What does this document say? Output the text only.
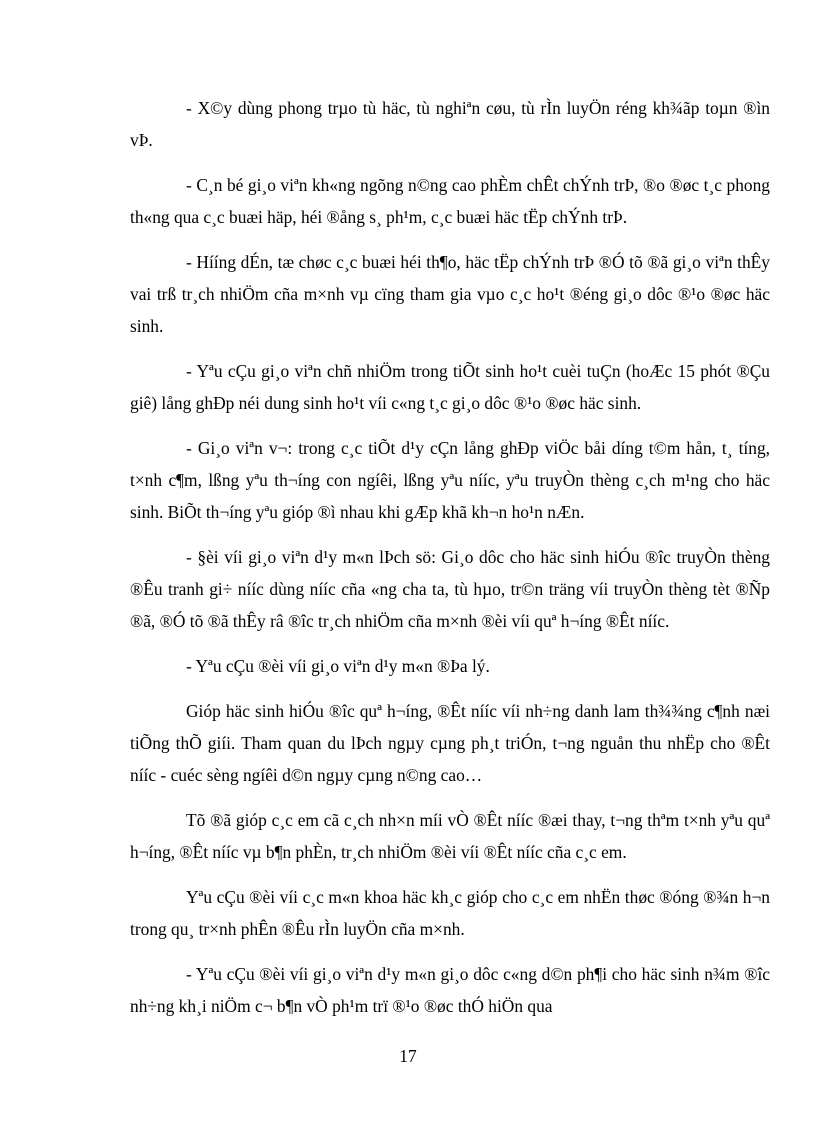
- X©y dùng phong trµo tù häc, tù nghiªn cøu, tù rÌn luyÖn réng kh¾ãp toµn ®ìn vÞ.

- C¸n bé gi¸o viªn kh«ng ngõng n©ng cao phÈm chÊt chÝnh trÞ, ®o ®øc t¸c phong th«ng qua c¸c buæi häp, héi ®ång s¸ ph¹m, c¸c buæi häc tËp chÝnh trÞ.

- Hííng dÉn, tæ chøc c¸c buæi héi th¶o, häc tËp chÝnh trÞ ®Ó tõ ®ã gi¸o viªn thÊy vai trß tr¸ch nhiÖm cña m×nh vµ cïng tham gia vµo c¸c ho¹t ®éng gi¸o dôc ®¹o ®øc häc sinh.

- Yªu cÇu gi¸o viªn chñ nhiÖm trong tiÕt sinh ho¹t cuèi tuÇn (hoÆc 15 phót ®Çu giê) lång ghÐp néi dung sinh ho¹t víi c«ng t¸c gi¸o dôc ®¹o ®øc häc sinh.

- Gi¸o viªn v¬: trong c¸c tiÕt d¹y cÇn lång ghÐp viÖc båi díng t©m hån, t¸ tíng, t×nh c¶m, lßng yªu th¬íng con ngíêi, lßng yªu nííc, yªu truyÒn thèng c¸ch m¹ng cho häc sinh. BiÕt th¬íng yªu gióp ®ì nhau khi gÆp khã kh¬n ho¹n nÆn.

- §èi víi gi¸o viªn d¹y m«n lÞch sö: Gi¸o dôc cho häc sinh hiÓu ®îc truyÒn thèng ®Êu tranh gi÷ nííc dùng nííc cña «ng cha ta, tù hµo, tr©n träng víi truyÒn thèng tèt ®Ñp ®ã, ®Ó tõ ®ã thÊy râ ®îc tr¸ch nhiÖm cña m×nh ®èi víi quª h¬íng ®Êt nííc.

- Yªu cÇu ®èi víi gi¸o viªn d¹y m«n ®Þa lý.

Gióp häc sinh hiÓu ®îc quª h¬íng, ®Êt nííc víi nh÷ng danh lam th¾¾ng c¶nh næi tiÕng thÕ giíi. Tham quan du lÞch ngµy cµng ph¸t triÓn, t¬ng nguån thu nhËp cho ®Êt nííc - cuéc sèng ngíêi d©n ngµy cµng n©ng cao…

Tõ ®ã gióp c¸c em cã c¸ch nh×n míi vÒ ®Êt nííc ®æi thay, t¬ng thªm t×nh yªu quª h¬íng, ®Êt nííc vµ b¶n phÈn, tr¸ch nhiÖm ®èi víi ®Êt nííc cña c¸c em.

Yªu cÇu ®èi víi c¸c m«n khoa häc kh¸c gióp cho c¸c em nhËn thøc ®óng ®¾n h¬n trong qu¸ tr×nh phÊn ®Êu rÌn luyÖn cña m×nh.

- Yªu cÇu ®èi víi gi¸o viªn d¹y m«n gi¸o dôc c«ng d©n ph¶i cho häc sinh n¾m ®îc nh÷ng kh¸i niÖm c¬ b¶n vÒ ph¹m trï ®¹o ®øc thÓ hiÖn qua

17
